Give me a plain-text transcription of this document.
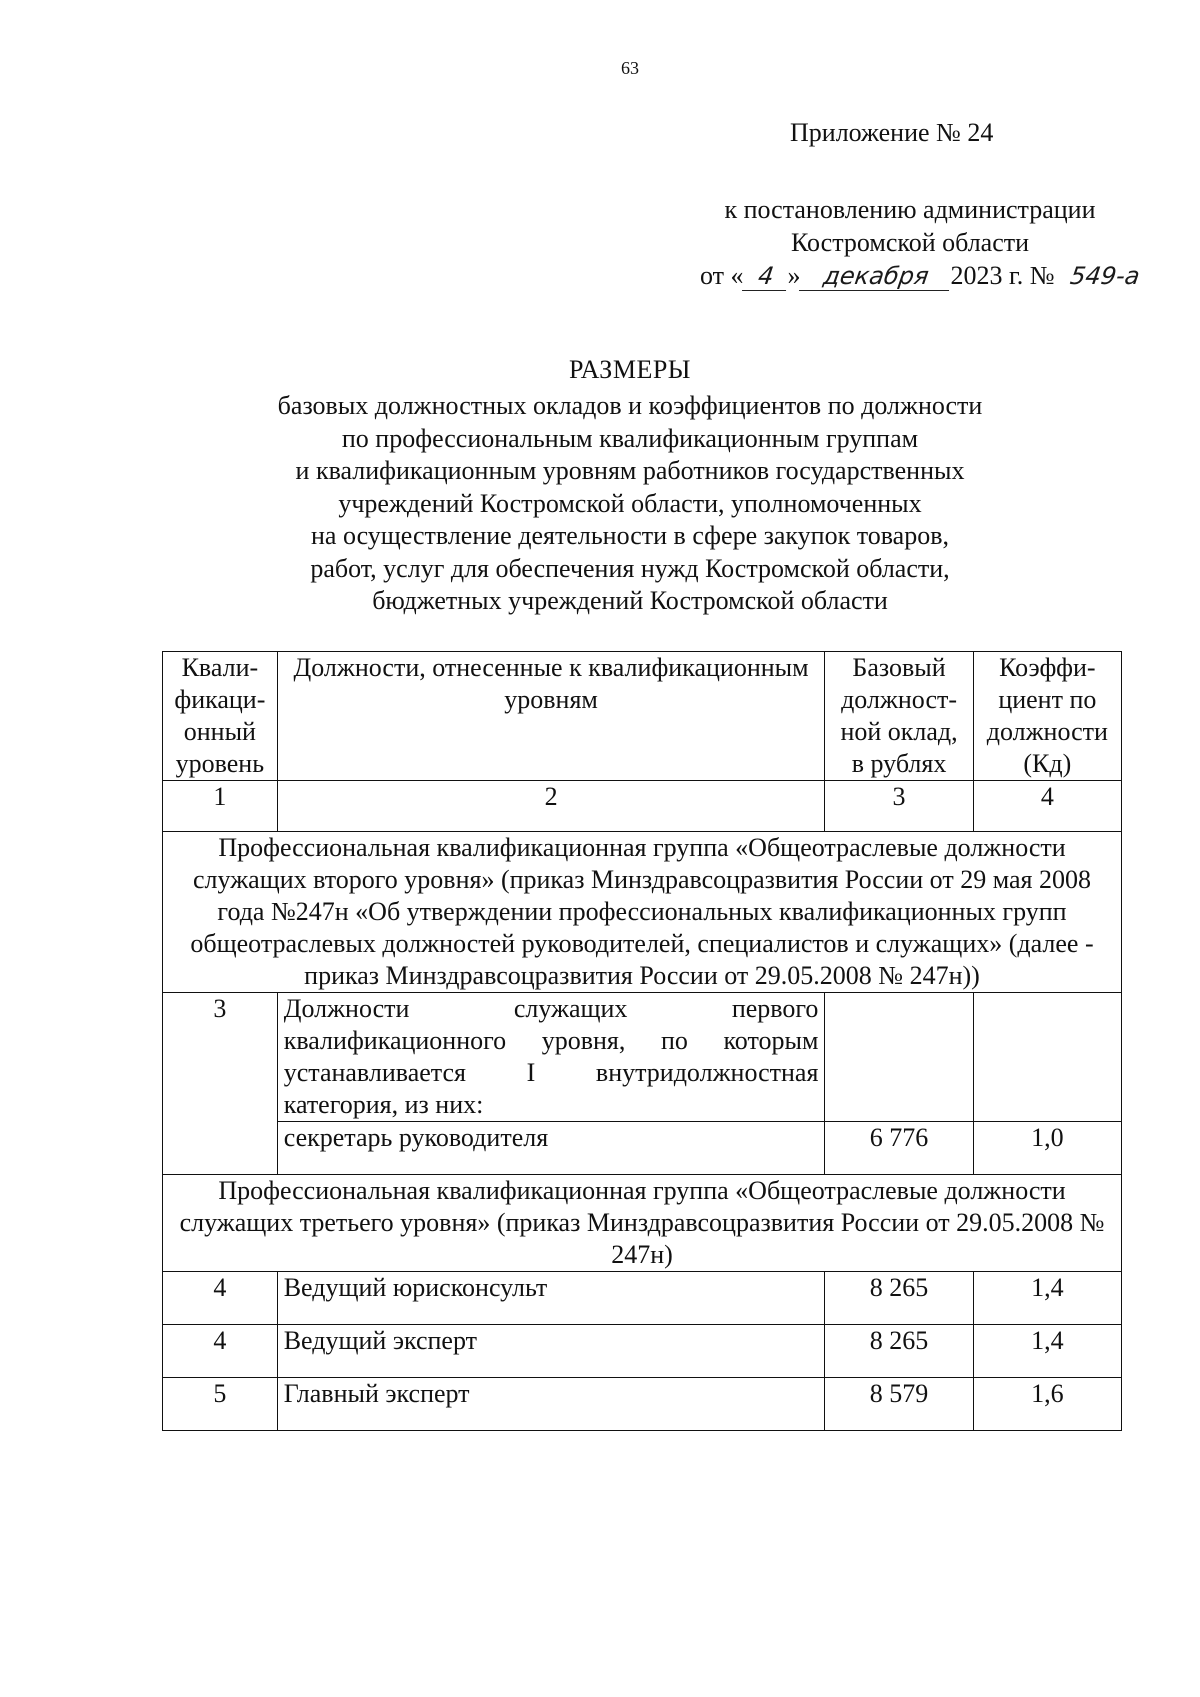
63
Приложение № 24
к постановлению администрации
Костромской области
от « 4 » декабря 2023 г. № 549-а
РАЗМЕРЫ
базовых должностных окладов и коэффициентов по должности
по профессиональным квалификационным группам
и квалификационным уровням работников государственных
учреждений Костромской области, уполномоченных
на осуществление деятельности в сфере закупок товаров,
работ, услуг для обеспечения нужд Костромской области,
бюджетных учреждений Костромской области
Квали-фикаци-онный уровень	Должности, отнесенные к квалификационным уровням	Базовый должност-ной оклад, в рублях	Коэффи-циент по должности (Кд)
1	2	3	4
Профессиональная квалификационная группа «Общеотраслевые должности служащих второго уровня» (приказ Минздравсоцразвития России от 29 мая 2008 года №247н «Об утверждении профессиональных квалификационных групп общеотраслевых должностей руководителей, специалистов и служащих» (далее - приказ Минздравсоцразвития России от 29.05.2008 № 247н))			
3	Должности служащих первого квалификационного уровня, по которым устанавливается I внутридолжностная категория, из них:		
	секретарь руководителя	6 776	1,0
Профессиональная квалификационная группа «Общеотраслевые должности служащих третьего уровня» (приказ Минздравсоцразвития России от 29.05.2008 № 247н)			
4	Ведущий юрисконсульт	8 265	1,4
4	Ведущий эксперт	8 265	1,4
5	Главный эксперт	8 579	1,6
